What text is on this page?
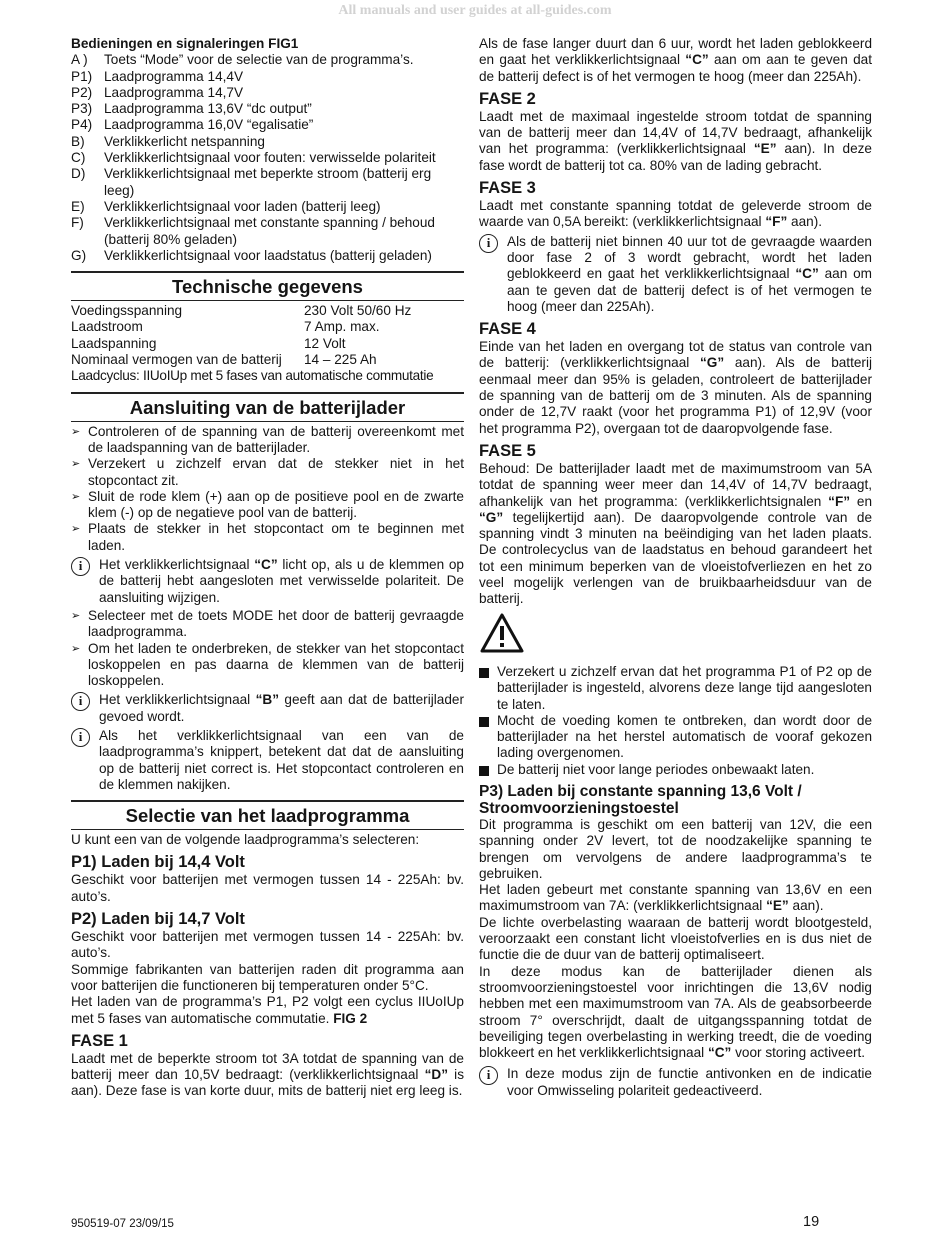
All manuals and user guides at all-guides.com

Bedieningen en signaleringen FIG1

A )	Toets “Mode” voor de selectie van de programma’s.
P1) Laadprogramma 14,4V
P2) Laadprogramma 14,7V
P3) Laadprogramma 13,6V “dc output”
P4) Laadprogramma 16,0V “egalisatie”
B)	Verklikkerlicht netspanning
C)	Verklikkerlichtsignaal voor fouten: verwisselde polariteit
D)	Verklikkerlichtsignaal met beperkte stroom (batterij erg leeg)
E)	Verklikkerlichtsignaal voor laden (batterij leeg)
F)	Verklikkerlichtsignaal met constante spanning / behoud (batterij 80% geladen)
G)	Verklikkerlichtsignaal voor laadstatus (batterij geladen)
Technische gegevens
Voedingsspanning	230 Volt 50/60 Hz
Laadstroom	7 Amp. max.
Laadspanning	12 Volt
Nominaal vermogen van de batterij	14 – 225 Ah

Laadcyclus: IIUoIUp met 5 fases van automatische commutatie

Aansluiting van de batterijlader
➢ Controleren of de spanning van de batterij overeenkomt met de laadspanning van de batterijlader.
➢ Verzekert u zichzelf ervan dat de stekker niet in het stopcontact zit.
➢ Sluit de rode klem (+) aan op de positieve pool en de zwarte klem (-) op de negatieve pool van de batterij.
➢ Plaats de stekker in het stopcontact om te beginnen met laden.
i	Het verklikkerlichtsignaal “C” licht op, als u de klemmen op de batterij hebt aangesloten met verwisselde polariteit. De aansluiting wijzigen.
➢ Selecteer met de toets MODE het door de batterij gevraagde laadprogramma.
➢ Om het laden te onderbreken, de stekker van het stopcontact loskoppelen en pas daarna de klemmen van de batterij loskoppelen.
i	Het verklikkerlichtsignaal “B” geeft aan dat de batterijlader gevoed wordt.
i	Als het verklikkerlichtsignaal van een van de laadprogramma’s knippert, betekent dat dat de aansluiting op de batterij niet correct is. Het stopcontact controleren en de klemmen nakijken.
Selectie van het laadprogramma

U kunt een van de volgende laadprogramma’s selecteren:

P1) Laden bij 14,4 Volt

Geschikt voor batterijen met vermogen tussen 14 - 225Ah: bv. auto’s.

P2) Laden bij 14,7 Volt

Geschikt voor batterijen met vermogen tussen 14 - 225Ah: bv. auto’s.

Sommige fabrikanten van batterijen raden dit programma aan voor batterijen die functioneren bij temperaturen onder 5°C.

Het laden van de programma’s P1, P2 volgt een cyclus IIUoIUp met 5 fases van automatische commutatie. FIG 2

FASE 1

Laadt met de beperkte stroom tot 3A totdat de spanning van de batterij meer dan 10,5V bedraagt: (verklikkerlichtsignaal “D” is aan). Deze fase is van korte duur, mits de batterij niet erg leeg is.

Als de fase langer duurt dan 6 uur, wordt het laden geblokkeerd en gaat het verklikkerlichtsignaal “C” aan om aan te geven dat de batterij defect is of het vermogen te hoog (meer dan 225Ah).

FASE 2

Laadt met de maximaal ingestelde stroom totdat de spanning van de batterij meer dan 14,4V of 14,7V bedraagt, afhankelijk van het programma: (verklikkerlichtsignaal “E” aan). In deze fase wordt de batterij tot ca. 80% van de lading gebracht.

FASE 3

Laadt met constante spanning totdat de geleverde stroom de waarde van 0,5A bereikt: (verklikkerlichtsignaal “F” aan).

i	Als de batterij niet binnen 40 uur tot de gevraagde waarden door fase 2 of 3 wordt gebracht, wordt het laden geblokkeerd en gaat het verklikkerlichtsignaal “C” aan om aan te geven dat de batterij defect is of het vermogen te hoog (meer dan 225Ah).

FASE 4

Einde van het laden en overgang tot de status van controle van de batterij: (verklikkerlichtsignaal “G” aan). Als de batterij eenmaal meer dan 95% is geladen, controleert de batterijlader de spanning van de batterij om de 3 minuten. Als de spanning onder de 12,7V raakt (voor het programma P1) of 12,9V (voor het programma P2), overgaan tot de daaropvolgende fase.

FASE 5

Behoud: De batterijlader laadt met de maximumstroom van 5A totdat de spanning weer meer dan 14,4V of 14,7V bedraagt, afhankelijk van het programma: (verklikkerlichtsignalen “F” en “G” tegelijkertijd aan). De daaropvolgende controle van de spanning vindt 3 minuten na beëindiging van het laden plaats. De controlecyclus van de laadstatus en behoud garandeert het tot een minimum beperken van de vloeistofverliezen en het zo veel mogelijk verlengen van de bruikbaarheidsduur van de batterij.

Verzekert u zichzelf ervan dat het programma P1 of P2 op de batterijlader is ingesteld, alvorens deze lange tijd aangesloten te laten.
Mocht de voeding komen te ontbreken, dan wordt door de batterijlader na het herstel automatisch de vooraf gekozen lading overgenomen.
De batterij niet voor lange periodes onbewaakt laten.

P3) Laden bij constante spanning 13,6 Volt / Stroomvoorzieningstoestel

Dit programma is geschikt om een batterij van 12V, die een spanning onder 2V levert, tot de noodzakelijke spanning te brengen om vervolgens de andere laadprogramma’s te gebruiken.

Het laden gebeurt met constante spanning van 13,6V en een maximumstroom van 7A: (verklikkerlichtsignaal “E” aan).

De lichte overbelasting waaraan de batterij wordt blootgesteld, veroorzaakt een constant licht vloeistofverlies en is dus niet de functie die de duur van de batterij optimaliseert.

In deze modus kan de batterijlader dienen als stroomvoorzieningstoestel voor inrichtingen die 13,6V nodig hebben met een maximumstroom van 7A. Als de geabsorbeerde stroom 7° overschrijdt, daalt de uitgangsspanning totdat de beveiliging tegen overbelasting in werking treedt, die de voeding blokkeert en het verklikkerlichtsignaal “C” voor storing activeert.

i	In deze modus zijn de functie antivonken en de indicatie voor Omwisseling polariteit gedeactiveerd.
950519-07 23/09/15	19
